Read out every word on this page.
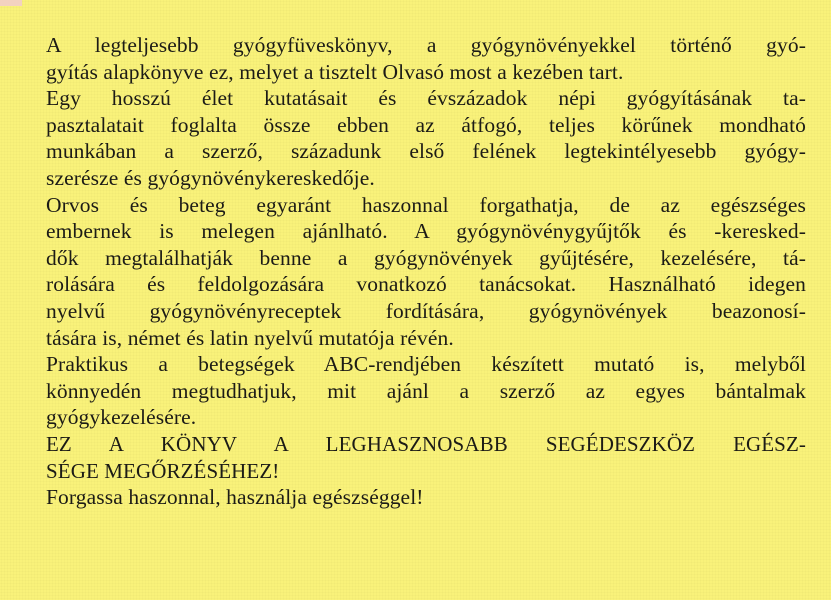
A legteljesebb gyógyfüveskönyv, a gyógynövényekkel történő gyó-
gyítás alapkönyve ez, melyet a tisztelt Olvasó most a kezében tart.
Egy hosszú élet kutatásait és évszázadok népi gyógyításának ta-
pasztalatait foglalta össze ebben az átfogó, teljes körűnek mondható
munkában a szerző, századunk első felének legtekintélyesebb gyógy-
szerésze és gyógynövénykereskedője.
Orvos és beteg egyaránt haszonnal forgathatja, de az egészséges
embernek is melegen ajánlható. A gyógynövénygyűjtők és -keresked-
dők megtalálhatják benne a gyógynövények gyűjtésére, kezelésére, tá-
rolására és feldolgozására vonatkozó tanácsokat. Használható idegen
nyelvű gyógynövényreceptek fordítására, gyógynövények beazonosí-
tására is, német és latin nyelvű mutatója révén.
Praktikus a betegségek ABC-rendjében készített mutató is, melyből
könnyedén megtudhatjuk, mit ajánl a szerző az egyes bántalmak
gyógykezelésére.
EZ A KÖNYV A LEGHASZNOSABB SEGÉDESZKÖZ EGÉSZ-
SÉGE MEGŐRZÉSÉHEZ!
Forgassa haszonnal, használja egészséggel!
